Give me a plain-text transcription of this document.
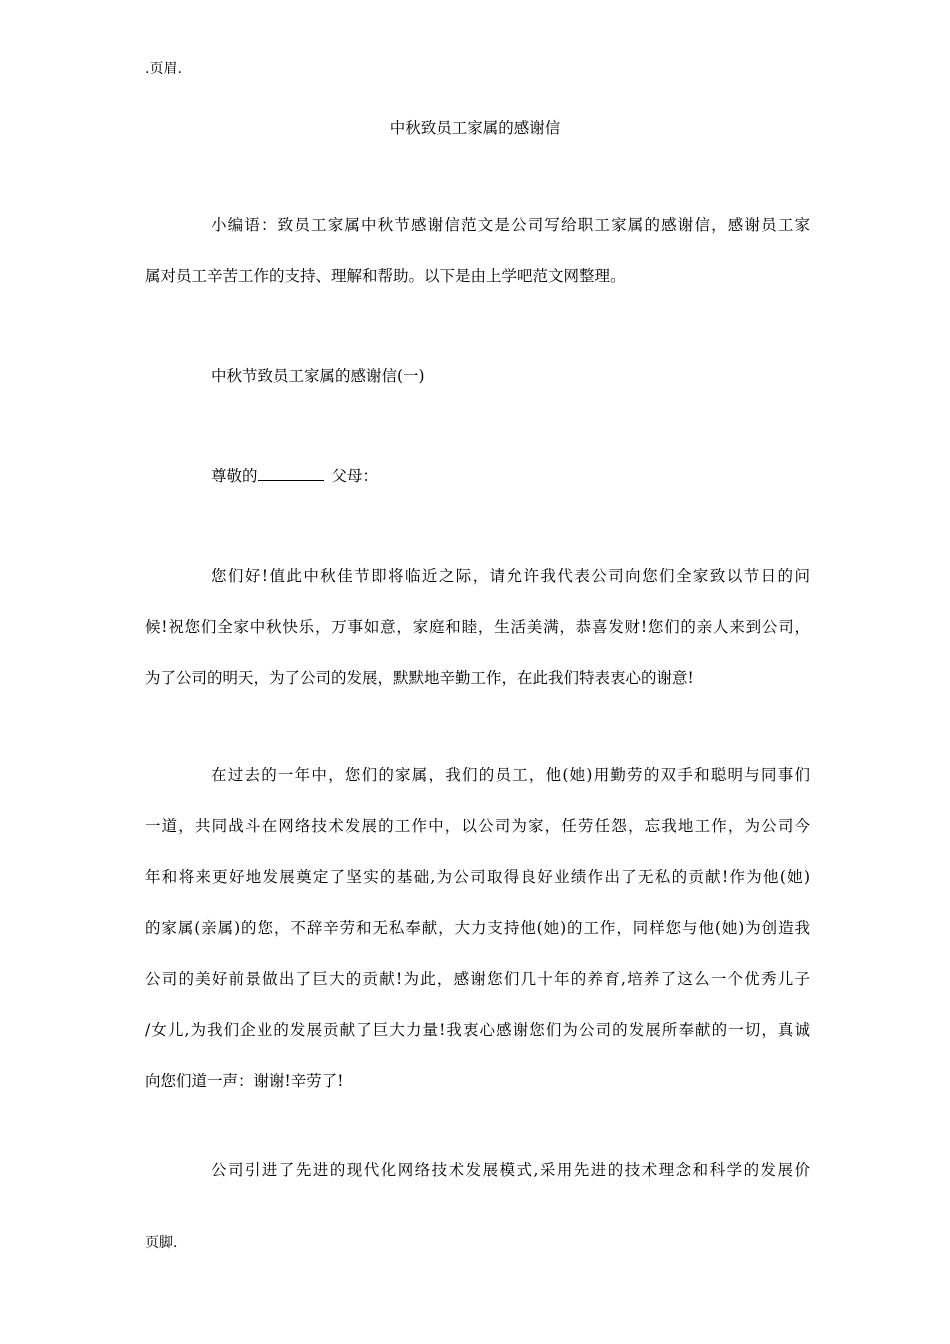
.页眉.
中秋致员工家属的感谢信
小编语：致员工家属中秋节感谢信范文是公司写给职工家属的感谢信，感谢员工家
属对员工辛苦工作的支持、理解和帮助。以下是由上学吧范文网整理。
中秋节致员工家属的感谢信(一)
尊敬的	父母：
您们好!值此中秋佳节即将临近之际，请允许我代表公司向您们全家致以节日的问
候!祝您们全家中秋快乐，万事如意，家庭和睦，生活美满，恭喜发财!您们的亲人来到公司，
为了公司的明天，为了公司的发展，默默地辛勤工作，在此我们特表衷心的谢意!
在过去的一年中，您们的家属，我们的员工，他(她)用勤劳的双手和聪明与同事们
一道，共同战斗在网络技术发展的工作中，以公司为家，任劳任怨，忘我地工作，为公司今
年和将来更好地发展奠定了坚实的基础,为公司取得良好业绩作出了无私的贡献!作为他(她)
的家属(亲属)的您，不辞辛劳和无私奉献，大力支持他(她)的工作，同样您与他(她)为创造我
公司的美好前景做出了巨大的贡献!为此，感谢您们几十年的养育,培养了这么一个优秀儿子
/女儿,为我们企业的发展贡献了巨大力量!我衷心感谢您们为公司的发展所奉献的一切，真诚
向您们道一声：谢谢!辛劳了!
公司引进了先进的现代化网络技术发展模式,采用先进的技术理念和科学的发展价
页脚.
